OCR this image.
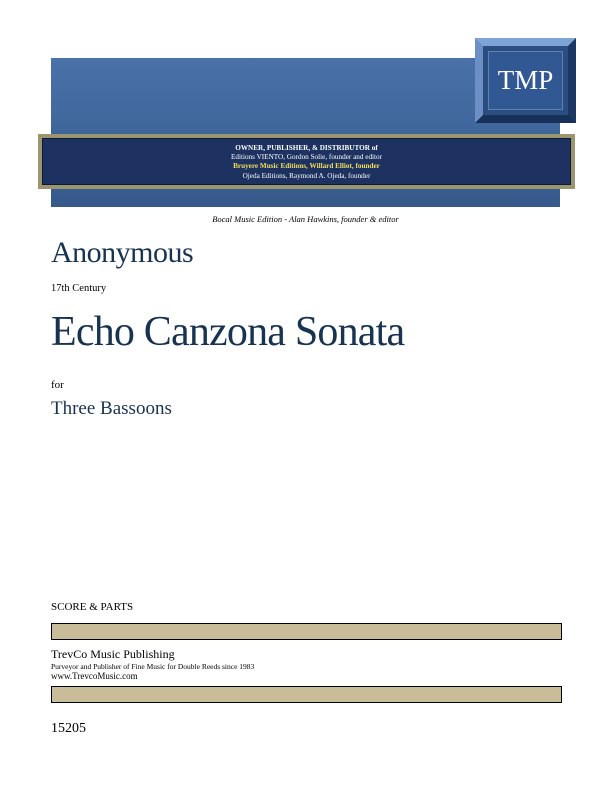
OWNER, PUBLISHER, & DISTRIBUTOR of
Editions VIENTO, Gordon Solie, founder and editor
Bruyere Music Editions, Willard Elliot, founder
Ojeda Editions, Raymond A. Ojeda, founder
TMP
Bocal Music Edition - Alan Hawkins, founder & editor
Anonymous
17th Century
Echo Canzona Sonata
for
Three Bassoons
SCORE & PARTS
TrevCo Music Publishing
Purveyor and Publisher of Fine Music for Double Reeds since 1983
www.TrevcoMusic.com
15205
